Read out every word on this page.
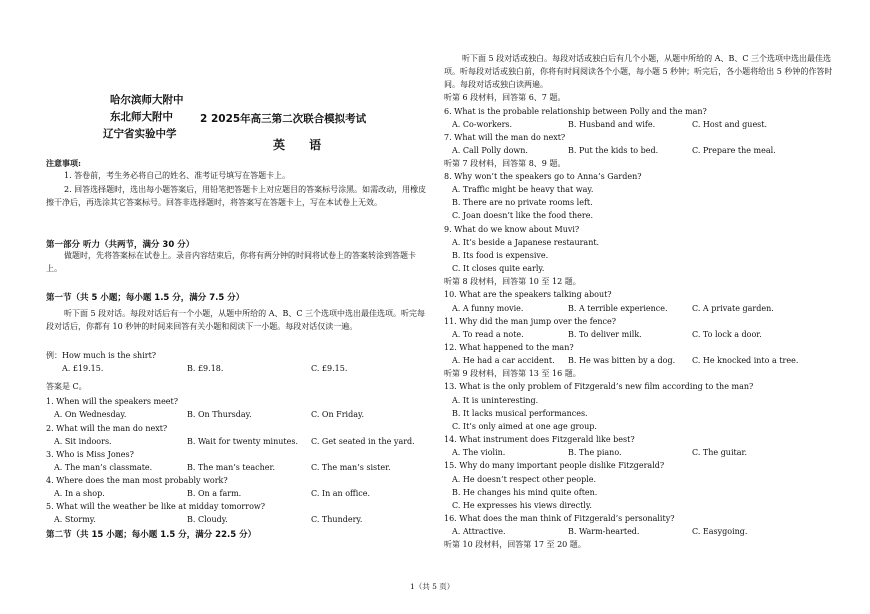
哈尔滨师大附中
东北师大附中
辽宁省实验中学
2 2025年高三第二次联合模拟考试
英 语
注意事项:
1. 答卷前，考生务必将自己的姓名、准考证号填写在答题卡上。
2. 回答选择题时，选出每小题答案后，用铅笔把答题卡上对应题目的答案标号涂黑。如需改动，用橡皮擦干净后，再选涂其它答案标号。回答非选择题时，将答案写在答题卡上，写在本试卷上无效。
第一部分 听力（共两节，满分 30 分）
做题时，先将答案标在试卷上。录音内容结束后，你将有两分钟的时间将试卷上的答案转涂到答题卡上。
第一节（共 5 小题；每小题 1.5 分，满分 7.5 分）
听下面 5 段对话。每段对话后有一个小题，从题中所给的 A、B、C 三个选项中选出最佳选项。听完每段对话后，你都有 10 秒钟的时间来回答有关小题和阅读下一小题。每段对话仅读一遍。
例：How much is the shirt?
A. £19.15.	B. £9.18.	C. £9.15.
答案是 C。
1. When will the speakers meet?
A. On Wednesday.	B. On Thursday.	C. On Friday.
2. What will the man do next?
A. Sit indoors.	B. Wait for twenty minutes. C. Get seated in the yard.
3. Who is Miss Jones?
A. The man’s classmate.	B. The man’s teacher.	C. The man’s sister.
4. Where does the man most probably work?
A. In a shop.	B. On a farm.	C. In an office.
5. What will the weather be like at midday tomorrow?
A. Stormy.	B. Cloudy.	C. Thundery.
第二节（共 15 小题；每小题 1.5 分，满分 22.5 分）
听下面 5 段对话或独白。每段对话或独白后有几个小题，从题中所给的 A、B、C 三个选项中选出最佳选项。听每段对话或独白前，你将有时间阅读各个小题，每小题 5 秒钟；听完后，各小题将给出 5 秒钟的作答时间。每段对话或独白读两遍。
听第 6 段材料，回答第 6、7 题。
6. What is the probable relationship between Polly and the man?
A. Co-workers.	B. Husband and wife.	C. Host and guest.
7. What will the man do next?
A. Call Polly down.	B. Put the kids to bed.	C. Prepare the meal.
听第 7 段材料，回答第 8、9 题。
8. Why won’t the speakers go to Anna’s Garden?
A. Traffic might be heavy that way.
B. There are no private rooms left.
C. Joan doesn’t like the food there.
9. What do we know about Muvi?
A. It’s beside a Japanese restaurant.
B. Its food is expensive.
C. It closes quite early.
听第 8 段材料，回答第 10 至 12 题。
10. What are the speakers talking about?
A. A funny movie.	B. A terrible experience.	C. A private garden.
11. Why did the man jump over the fence?
A. To read a note.	B. To deliver milk.	C. To lock a door.
12. What happened to the man?
A. He had a car accident. B. He was bitten by a dog. C. He knocked into a tree.
听第 9 段材料，回答第 13 至 16 题。
13. What is the only problem of Fitzgerald’s new film according to the man?
A. It is uninteresting.
B. It lacks musical performances.
C. It’s only aimed at one age group.
14. What instrument does Fitzgerald like best?
A. The violin.	B. The piano.	C. The guitar.
15. Why do many important people dislike Fitzgerald?
A. He doesn’t respect other people.
B. He changes his mind quite often.
C. He expresses his views directly.
16. What does the man think of Fitzgerald’s personality?
A. Attractive.	B. Warm-hearted.	C. Easygoing.
听第 10 段材料，回答第 17 至 20 题。
1（共 5 页）
